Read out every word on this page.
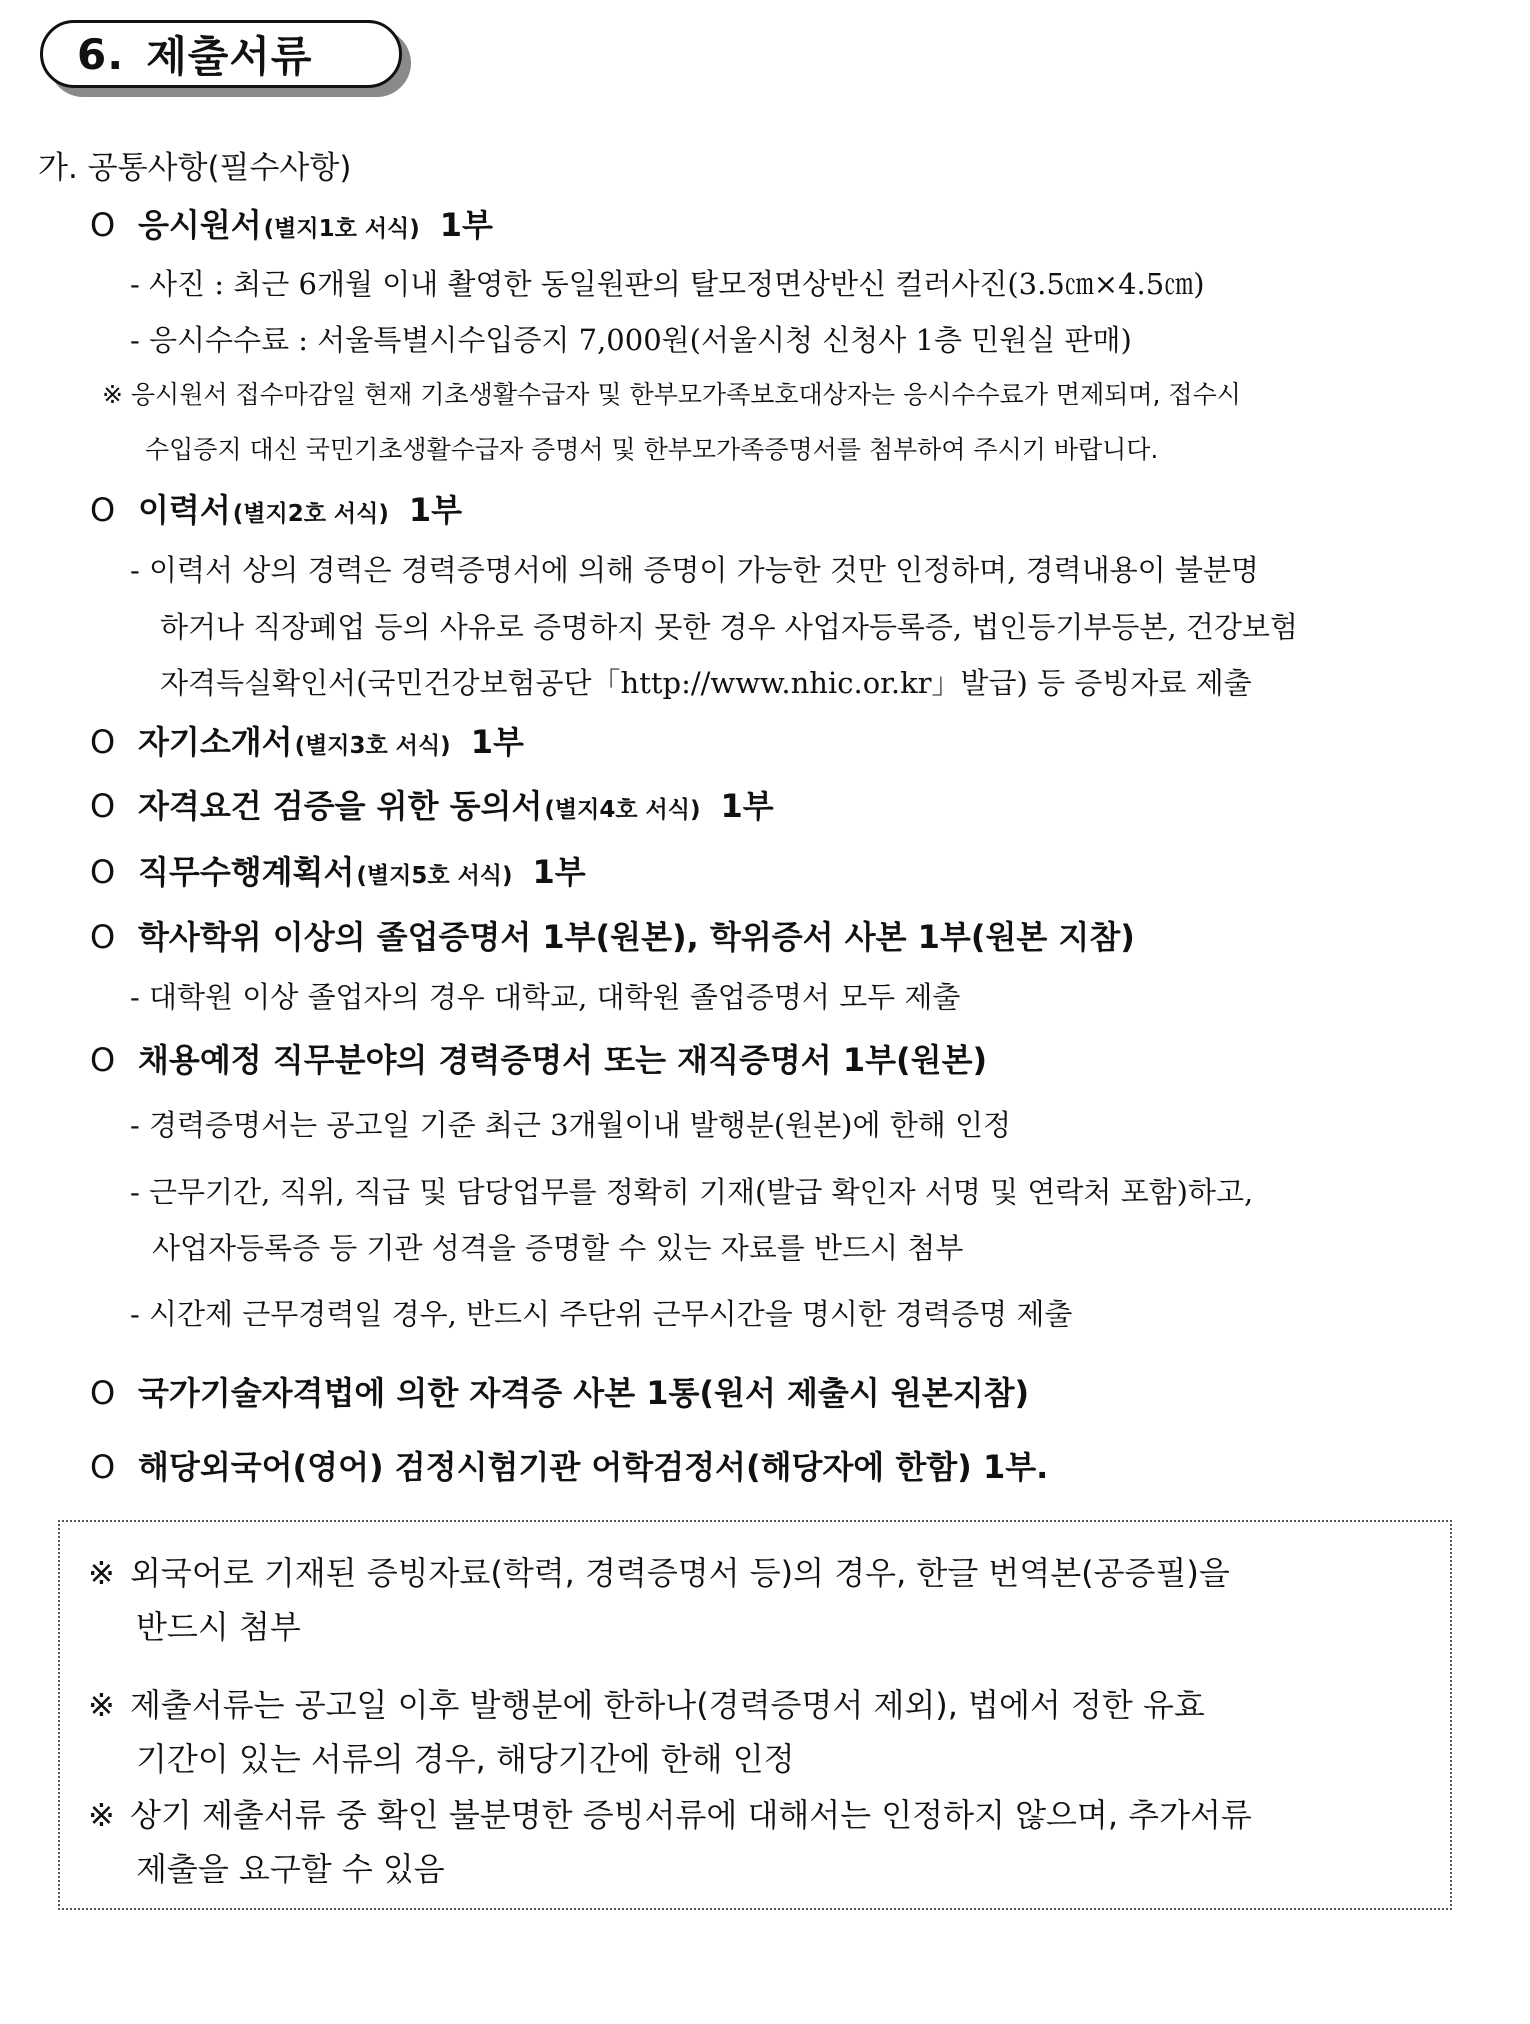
6. 제출서류
가. 공통사항(필수사항)
O 응시원서 (별지1호 서식) 1부
- 사진 : 최근 6개월 이내 촬영한 동일원판의 탈모정면상반신 컬러사진(3.5㎝×4.5㎝)
- 응시수수료 : 서울특별시수입증지 7,000원(서울시청 신청사 1층 민원실 판매)
※ 응시원서 접수마감일 현재 기초생활수급자 및 한부모가족보호대상자는 응시수수료가 면제되며, 접수시
수입증지 대신 국민기초생활수급자 증명서 및 한부모가족증명서를 첨부하여 주시기 바랍니다.
O 이력서 (별지2호 서식) 1부
- 이력서 상의 경력은 경력증명서에 의해 증명이 가능한 것만 인정하며, 경력내용이 불분명
하거나 직장폐업 등의 사유로 증명하지 못한 경우 사업자등록증, 법인등기부등본, 건강보험
자격득실확인서(국민건강보험공단「http://www.nhic.or.kr」발급) 등 증빙자료 제출
O 자기소개서 (별지3호 서식) 1부
O 자격요건 검증을 위한 동의서 (별지4호 서식) 1부
O 직무수행계획서 (별지5호 서식) 1부
O 학사학위 이상의 졸업증명서 1부(원본), 학위증서 사본 1부(원본 지참)
- 대학원 이상 졸업자의 경우 대학교, 대학원 졸업증명서 모두 제출
O 채용예정 직무분야의 경력증명서 또는 재직증명서 1부(원본)
- 경력증명서는 공고일 기준 최근 3개월이내 발행분(원본)에 한해 인정
- 근무기간, 직위, 직급 및 담당업무를 정확히 기재(발급 확인자 서명 및 연락처 포함)하고,
사업자등록증 등 기관 성격을 증명할 수 있는 자료를 반드시 첨부
- 시간제 근무경력일 경우, 반드시 주단위 근무시간을 명시한 경력증명 제출
O 국가기술자격법에 의한 자격증 사본 1통(원서 제출시 원본지참)
O 해당외국어(영어) 검정시험기관 어학검정서(해당자에 한함) 1부.
※ 외국어로 기재된 증빙자료(학력, 경력증명서 등)의 경우, 한글 번역본(공증필)을
반드시 첨부
※ 제출서류는 공고일 이후 발행분에 한하나(경력증명서 제외), 법에서 정한 유효
기간이 있는 서류의 경우, 해당기간에 한해 인정
※ 상기 제출서류 중 확인 불분명한 증빙서류에 대해서는 인정하지 않으며, 추가서류
제출을 요구할 수 있음
